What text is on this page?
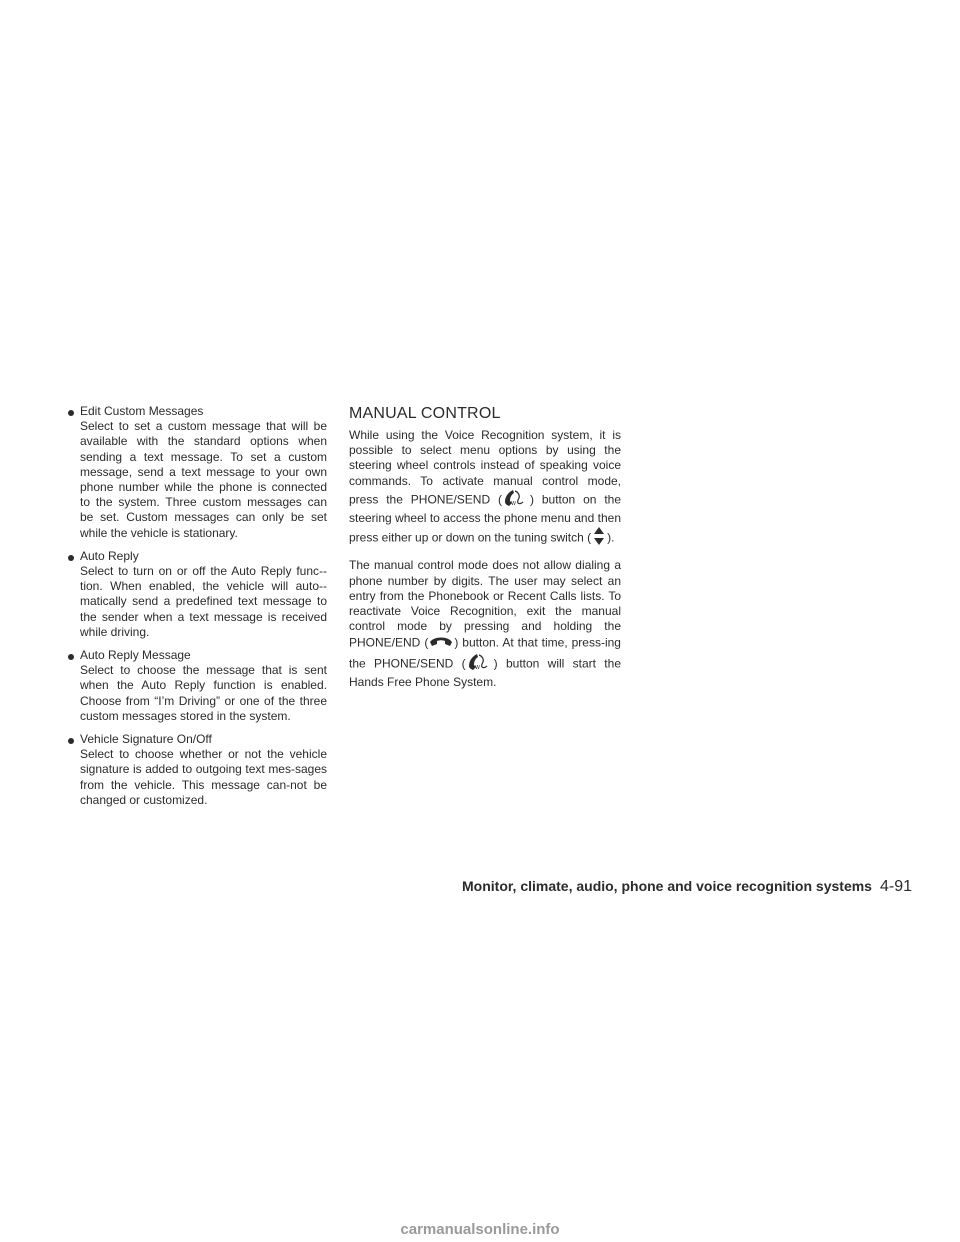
Edit Custom Messages
Select to set a custom message that will be available with the standard options when sending a text message. To set a custom message, send a text message to your own phone number while the phone is connected to the system. Three custom messages can be set. Custom messages can only be set while the vehicle is stationary.
Auto Reply
Select to turn on or off the Auto Reply func-tion. When enabled, the vehicle will auto-matically send a predefined text message to the sender when a text message is received while driving.
Auto Reply Message
Select to choose the message that is sent when the Auto Reply function is enabled. Choose from “I’m Driving” or one of the three custom messages stored in the system.
Vehicle Signature On/Off
Select to choose whether or not the vehicle signature is added to outgoing text mes-sages from the vehicle. This message can-not be changed or customized.
MANUAL CONTROL

While using the Voice Recognition system, it is possible to select menu options by using the steering wheel controls instead of speaking voice commands. To activate manual control mode, press the PHONE/SEND ( W ) button on the steering wheel to access the phone menu and then press either up or down on the tuning switch ( ).

The manual control mode does not allow dialing a phone number by digits. The user may select an entry from the Phonebook or Recent Calls lists. To reactivate Voice Recognition, exit the manual control mode by pressing and holding the PHONE/END ( ) button. At that time, press-ing the PHONE/SEND ( W ) button will start the Hands Free Phone System.

Monitor, climate, audio, phone and voice recognition systems 4-91
carmanualsonline.info
